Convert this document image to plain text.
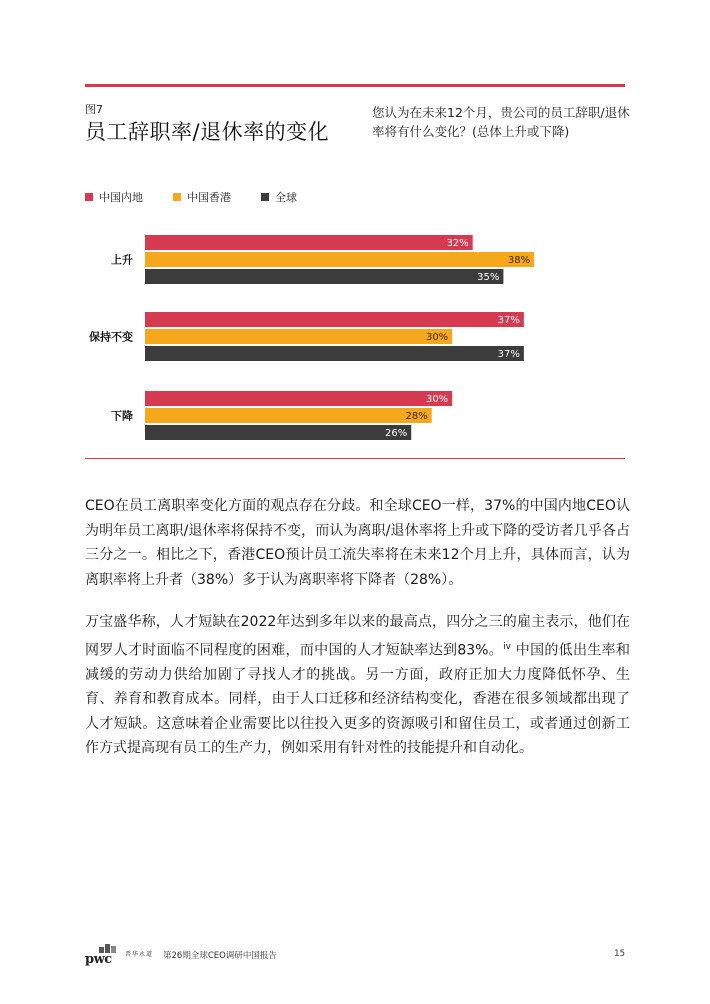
图7
员工辞职率/退休率的变化
您认为在未来12个月，贵公司的员工辞职/退休率将有什么变化？(总体上升或下降)
中国内地	中国香港	全球
上升
32%
38%
35%
保持不变
37%
30%
37%
下降
30%
28%
26%
CEO在员工离职率变化方面的观点存在分歧。和全球CEO一样，37%的中国内地CEO认为明年员工离职/退休率将保持不变，而认为离职/退休率将上升或下降的受访者几乎各占三分之一。相比之下，香港CEO预计员工流失率将在未来12个月上升，具体而言，认为离职率将上升者（38%）多于认为离职率将下降者（28%）。
万宝盛华称，人才短缺在2022年达到多年以来的最高点，四分之三的雇主表示，他们在网罗人才时面临不同程度的困难，而中国的人才短缺率达到83%。$^{iv}$ 中国的低出生率和减缓的劳动力供给加剧了寻找人才的挑战。另一方面，政府正加大力度降低怀孕、生育、养育和教育成本。同样，由于人口迁移和经济结构变化，香港在很多领域都出现了人才短缺。这意味着企业需要比以往投入更多的资源吸引和留住员工，或者通过创新工作方式提高现有员工的生产力，例如采用有针对性的技能提升和自动化。
pwc 普华永道 第26期全球CEO调研中国报告	15
